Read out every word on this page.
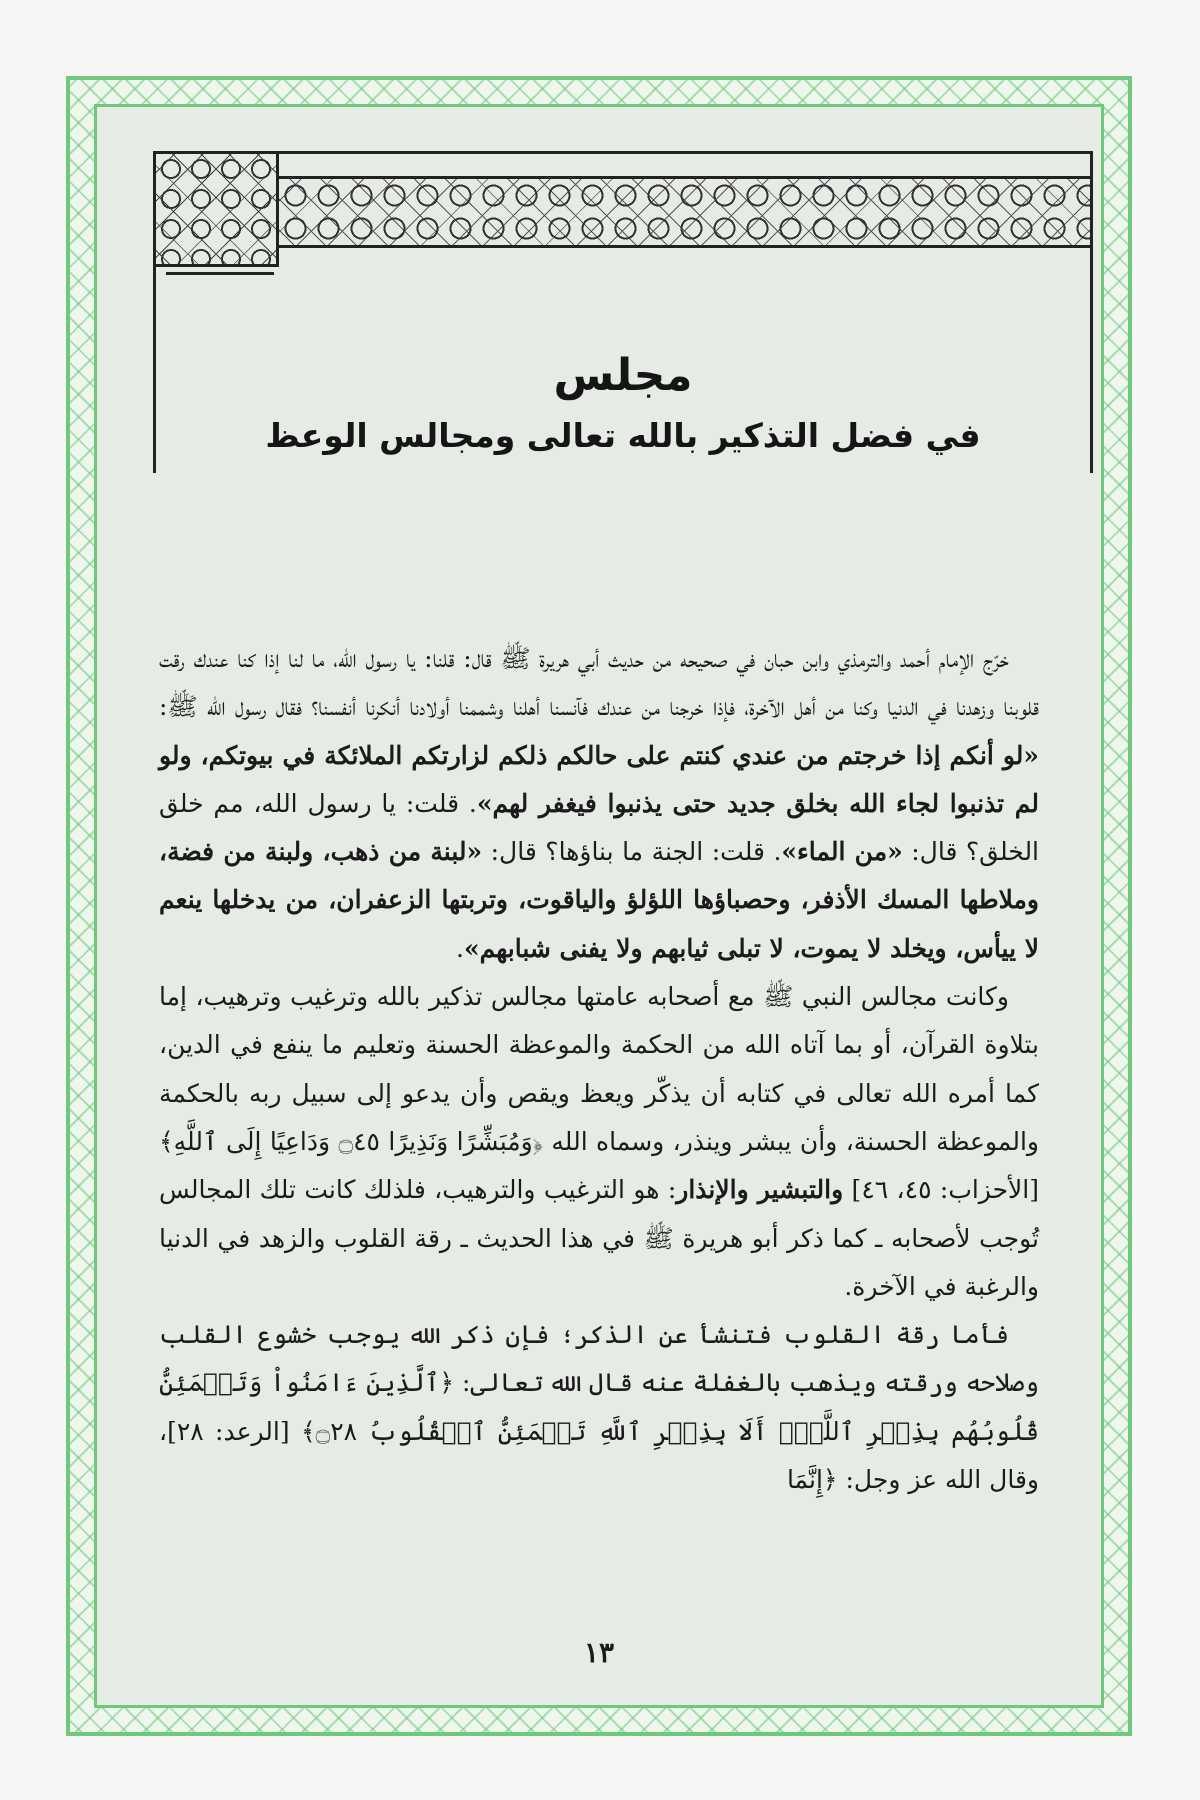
مجلس
في فضل التذكير بالله تعالى ومجالس الوعظ

خرّج الإمام أحمد والترمذي وابن حبان في صحيحه من حديث أبي هريرة ﷺ قال: قلنا: يا رسول الله، ما لنا إذا كنا عندك رقت قلوبنا وزهدنا في الدنيا وكنا من أهل الآخرة، فإذا خرجنا من عندك فآنسنا أهلنا وشممنا أولادنا أنكرنا أنفسنا؟ فقال رسول الله ﷺ: «لو أنكم إذا خرجتم من عندي كنتم على حالكم ذلكم لزارتكم الملائكة في بيوتكم، ولو لم تذنبوا لجاء الله بخلق جديد حتى يذنبوا فيغفر لهم». قلت: يا رسول الله، مم خلق الخلق؟ قال: «من الماء». قلت: الجنة ما بناؤها؟ قال: «لبنة من ذهب، ولبنة من فضة، وملاطها المسك الأذفر، وحصباؤها اللؤلؤ والياقوت، وتربتها الزعفران، من يدخلها ينعم لا ييأس، ويخلد لا يموت، لا تبلى ثيابهم ولا يفنى شبابهم».

وكانت مجالس النبي ﷺ مع أصحابه عامتها مجالس تذكير بالله وترغيب وترهيب، إما بتلاوة القرآن، أو بما آتاه الله من الحكمة والموعظة الحسنة وتعليم ما ينفع في الدين، كما أمره الله تعالى في كتابه أن يذكّر ويعظ ويقص وأن يدعو إلى سبيل ربه بالحكمة والموعظة الحسنة، وأن يبشر وينذر، وسماه الله ﴿وَمُبَشِّرًا وَنَذِيرًا ۝٤٥ وَدَاعِيًا إِلَى ٱللَّهِ﴾ [الأحزاب: ٤٥، ٤٦] والتبشير والإنذار: هو الترغيب والترهيب، فلذلك كانت تلك المجالس تُوجب لأصحابه ـ كما ذكر أبو هريرة ﷺ في هذا الحديث ـ رقة القلوب والزهد في الدنيا والرغبة في الآخرة.

فأما رقة القلوب فتنشأ عن الذكر؛ فإن ذكر الله يوجب خشوع القلب وصلاحه ورقته ويذهب بالغفلة عنه قال الله تعالى: ﴿ٱلَّذِينَ ءَامَنُواْ وَتَطۡمَئِنُّ قُلُوبُهُم بِذِكۡرِ ٱللَّهِۗ أَلَا بِذِكۡرِ ٱللَّهِ تَطۡمَئِنُّ ٱلۡقُلُوبُ ۝٢٨﴾ [الرعد: ٢٨]، وقال الله عز وجل: ﴿إِنَّمَا

١٣
